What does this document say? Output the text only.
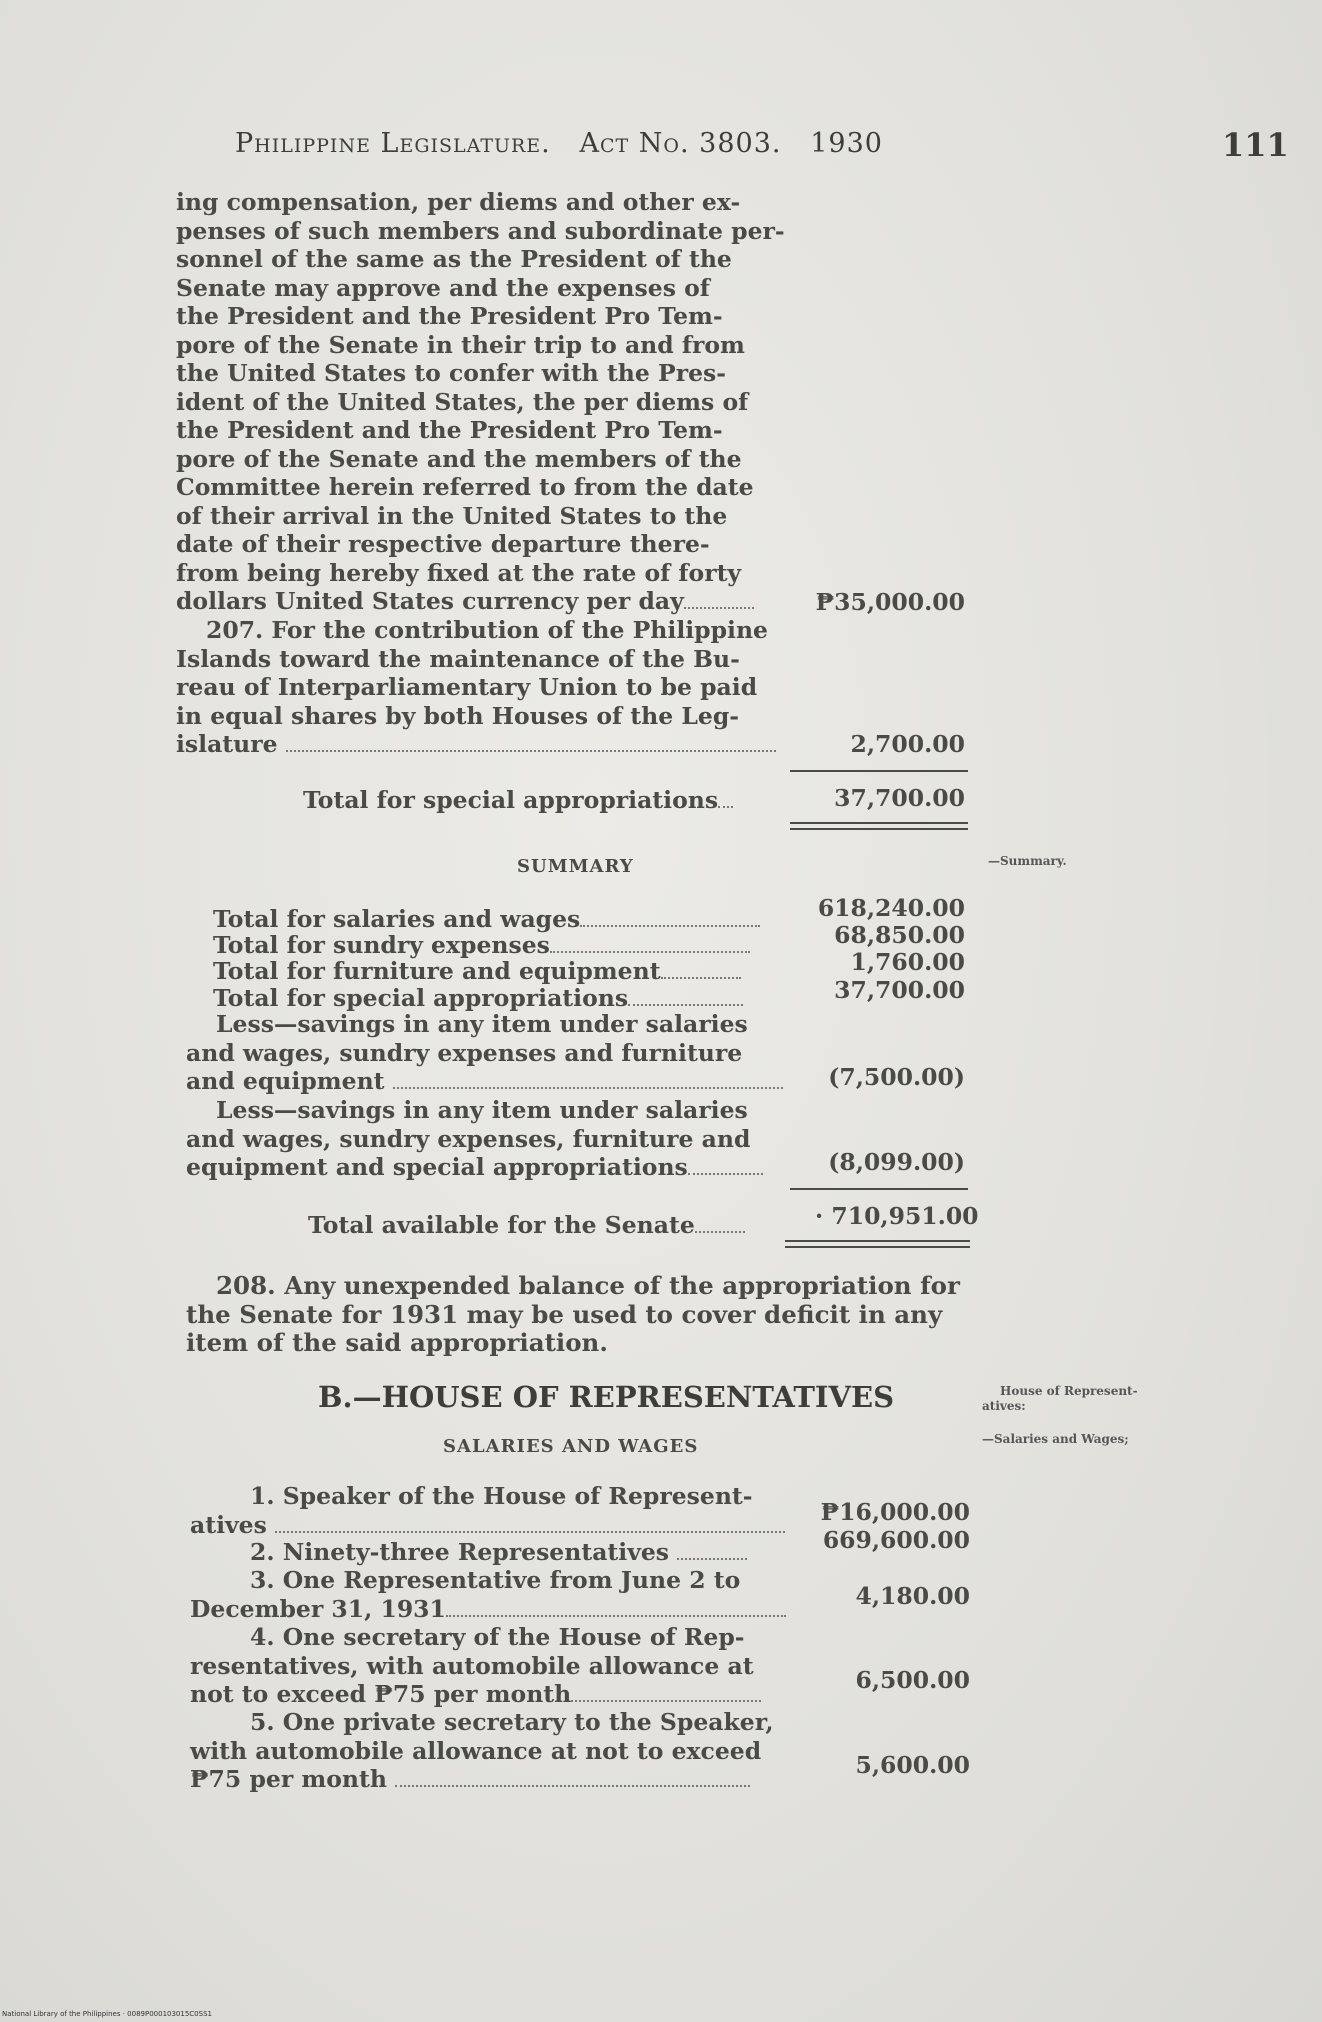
Philippine Legislature. Act No. 3803. 1930	111
ing compensation, per diems and other ex-
penses of such members and subordinate per-
sonnel of the same as the President of the
Senate may approve and the expenses of
the President and the President Pro Tem-
pore of the Senate in their trip to and from
the United States to confer with the Pres-
ident of the United States, the per diems of
the President and the President Pro Tem-
pore of the Senate and the members of the
Committee herein referred to from the date
of their arrival in the United States to the
date of their respective departure there-
from being hereby fixed at the rate of forty
dollars United States currency per day	₱35,000.00
207. For the contribution of the Philippine
Islands toward the maintenance of the Bu-
reau of Interparliamentary Union to be paid
in equal shares by both Houses of the Leg-
islature	2,700.00
Total for special appropriations	37,700.00
SUMMARY	—Summary.
Total for salaries and wages	618,240.00
Total for sundry expenses	68,850.00
Total for furniture and equipment	1,760.00
Total for special appropriations	37,700.00
Less—savings in any item under salaries
and wages, sundry expenses and furniture
and equipment	(7,500.00)
Less—savings in any item under salaries
and wages, sundry expenses, furniture and
equipment and special appropriations	(8,099.00)
Total available for the Senate	· 710,951.00
208. Any unexpended balance of the appropriation for
the Senate for 1931 may be used to cover deficit in any
item of the said appropriation.
B.—HOUSE OF REPRESENTATIVES	House of Represent-
atives:
SALARIES AND WAGES	—Salaries and Wages;
1. Speaker of the House of Represent-
atives	₱16,000.00
2. Ninety-three Representatives	669,600.00
3. One Representative from June 2 to
December 31, 1931	4,180.00
4. One secretary of the House of Rep-
resentatives, with automobile allowance at
not to exceed ₱75 per month	6,500.00
5. One private secretary to the Speaker,
with automobile allowance at not to exceed
₱75 per month	5,600.00
National Library of the Philippines · 0089P000103015C0SS1
